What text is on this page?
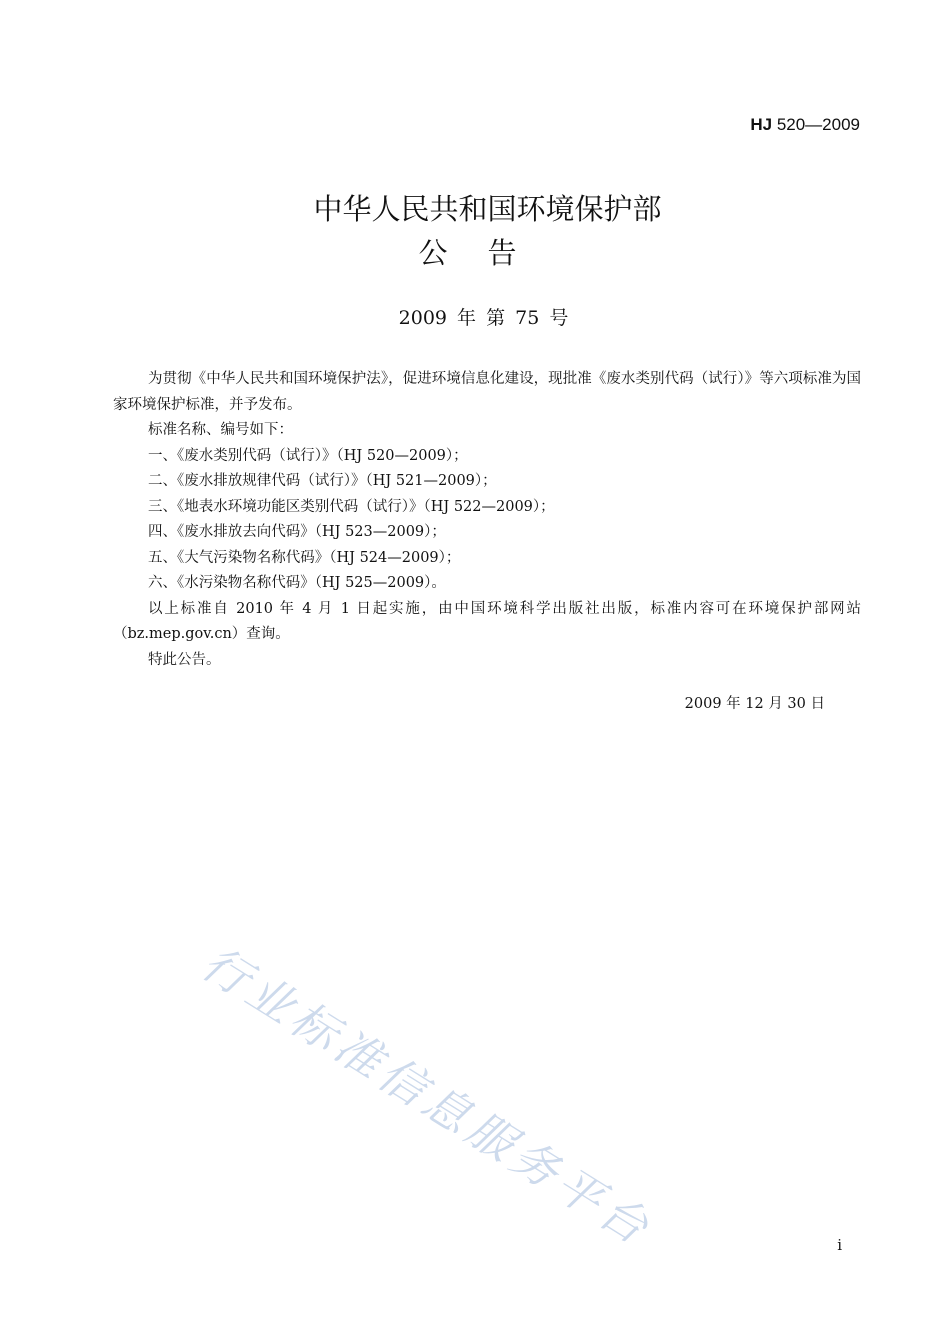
HJ 520—2009
中华人民共和国环境保护部
公告
2009 年 第 75 号

为贯彻《中华人民共和国环境保护法》，促进环境信息化建设，现批准《废水类别代码（试行）》等六项标准为国家环境保护标准，并予发布。

标准名称、编号如下：

一、《废水类别代码（试行）》（HJ 520—2009）；

二、《废水排放规律代码（试行）》（HJ 521—2009）；

三、《地表水环境功能区类别代码（试行）》（HJ 522—2009）；

四、《废水排放去向代码》（HJ 523—2009）；

五、《大气污染物名称代码》（HJ 524—2009）；

六、《水污染物名称代码》（HJ 525—2009）。

以上标准自 2010 年 4 月 1 日起实施，由中国环境科学出版社出版，标准内容可在环境保护部网站（bz.mep.gov.cn）查询。

特此公告。

2009 年 12 月 30 日
行业标准信息服务平台	i
